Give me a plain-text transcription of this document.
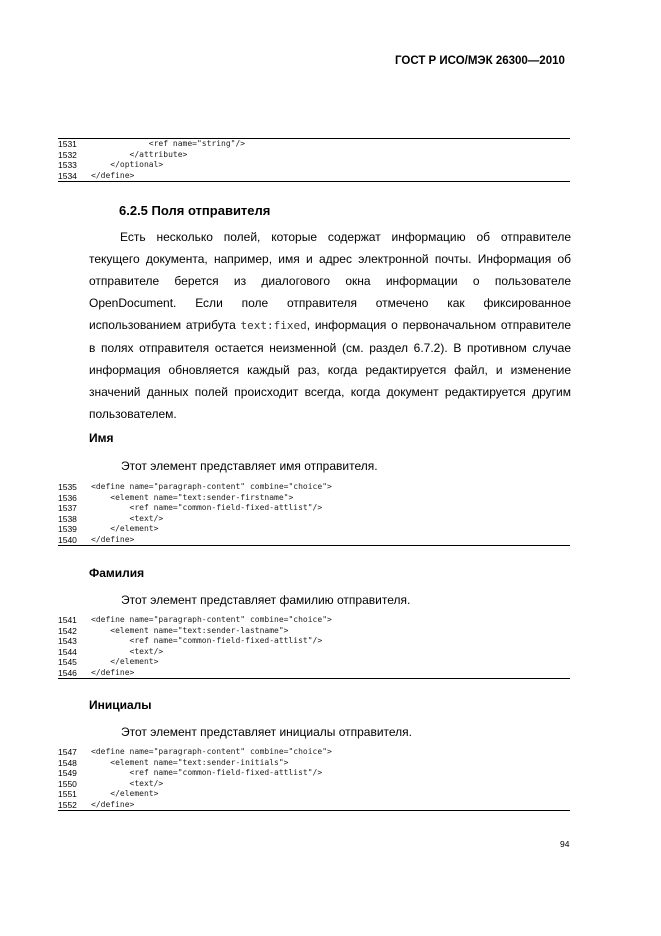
ГОСТ Р ИСО/МЭК 26300—2010
1531	<ref name="string"/>
1532	</attribute>
1533	</optional>
1534	</define>
6.2.5 Поля отправителя
Есть несколько полей, которые содержат информацию об отправителе текущего документа, например, имя и адрес электронной почты. Информация об отправителе берется из диалогового окна информации о пользователе OpenDocument. Если поле отправителя отмечено как фиксированное использованием атрибута text:fixed, информация о первоначальном отправителе в полях отправителя остается неизменной (см. раздел 6.7.2). В противном случае информация обновляется каждый раз, когда редактируется файл, и изменение значений данных полей происходит всегда, когда документ редактируется другим пользователем.
Имя
Этот элемент представляет имя отправителя.
1535	<define name="paragraph-content" combine="choice">
1536	<element name="text:sender-firstname">
1537	<ref name="common-field-fixed-attlist"/>
1538	<text/>
1539	</element>
1540	</define>
Фамилия
Этот элемент представляет фамилию отправителя.
1541	<define name="paragraph-content" combine="choice">
1542	<element name="text:sender-lastname">
1543	<ref name="common-field-fixed-attlist"/>
1544	<text/>
1545	</element>
1546	</define>
Инициалы
Этот элемент представляет инициалы отправителя.
1547	<define name="paragraph-content" combine="choice">
1548	<element name="text:sender-initials">
1549	<ref name="common-field-fixed-attlist"/>
1550	<text/>
1551	</element>
1552	</define>
94
